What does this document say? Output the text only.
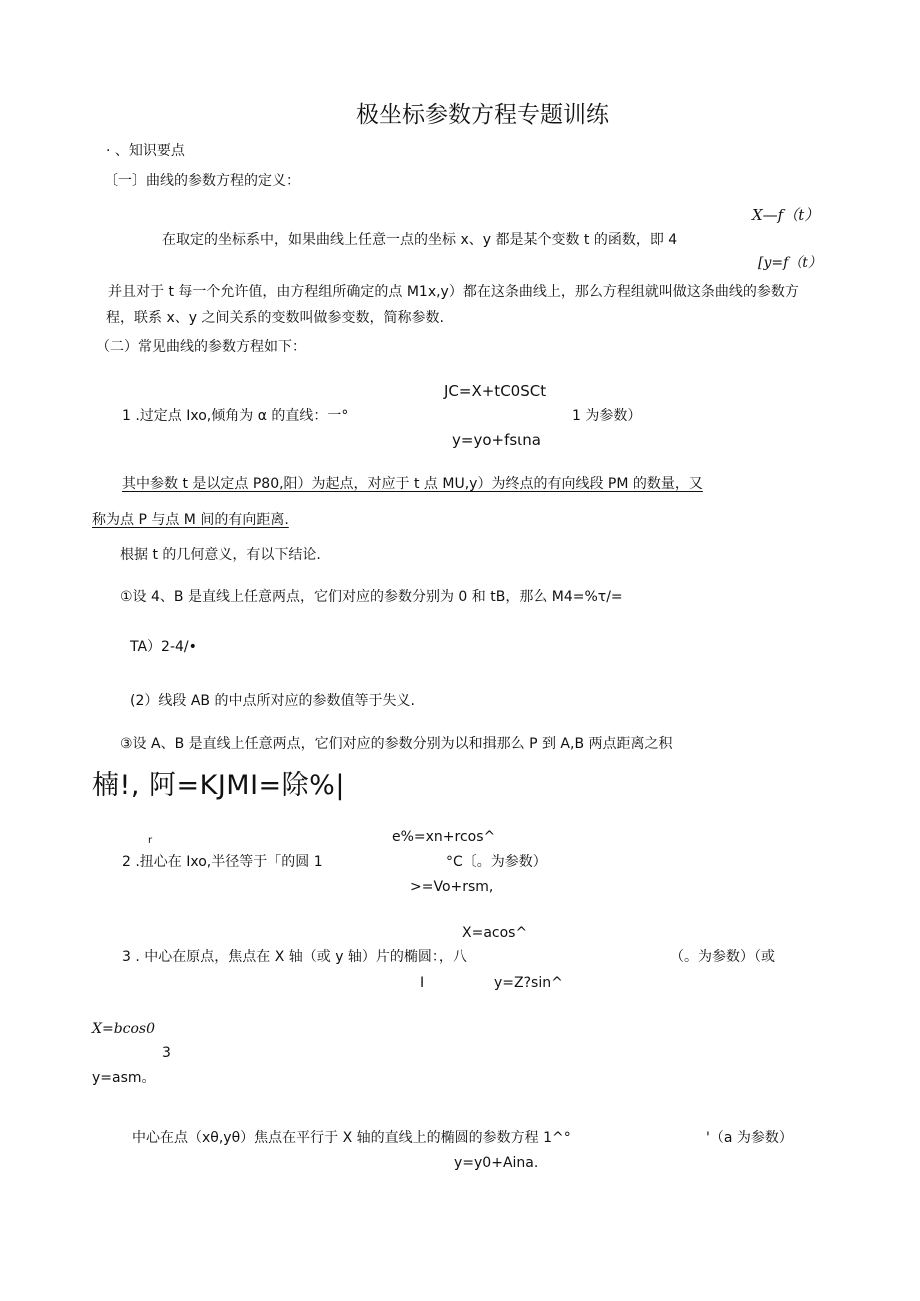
极坐标参数方程专题训练
· 、知识要点
〔一〕曲线的参数方程的定义：
X—f（t）
在取定的坐标系中，如果曲线上任意一点的坐标 x、y 都是某个变数 t 的函数，即 4
[y=f（t）
并且对于 t 每一个允许值，由方程组所确定的点 M1x,y）都在这条曲线上，那么方程组就叫做这条曲线的参数方
程，联系 x、y 之间关系的变数叫做参变数，简称参数.
（二）常见曲线的参数方程如下：
JC=X+tC0SCt
1 .过定点 Ixo,倾角为 α 的直线：一°	1 为参数）
y=yo+fsιna
其中参数 t 是以定点 P80,阳）为起点，对应于 t 点 MU,y）为终点的有向线段 PM 的数量，又
称为点 P 与点 M 间的有向距离.
根据 t 的几何意义，有以下结论.
①设 4、B 是直线上任意两点，它们对应的参数分别为 0 和 tB，那么 M4=%τ/=
TA）2-4/•
(2）线段 AB 的中点所对应的参数值等于失义.
③设 A、B 是直线上任意两点，它们对应的参数分别为以和揖那么 P 到 A,B 两点距离之积
楠!, 阿=KJMI=除%|
r	e%=xn+rcos^
2 .扭心在 Ixo,半径等于「的圆 1	°C〔。为参数）
>=Vo+rsm,
X=acos^
3 . 中心在原点，焦点在 X 轴（或 y 轴）片的椭圆：，八	（。为参数）（或
I	y=Z?sin^
X=bcos0
3
y=asm。
中心在点（xθ,yθ）焦点在平行于 X 轴的直线上的椭圆的参数方程 1^°	'（a 为参数）
y=y0+Aina.
